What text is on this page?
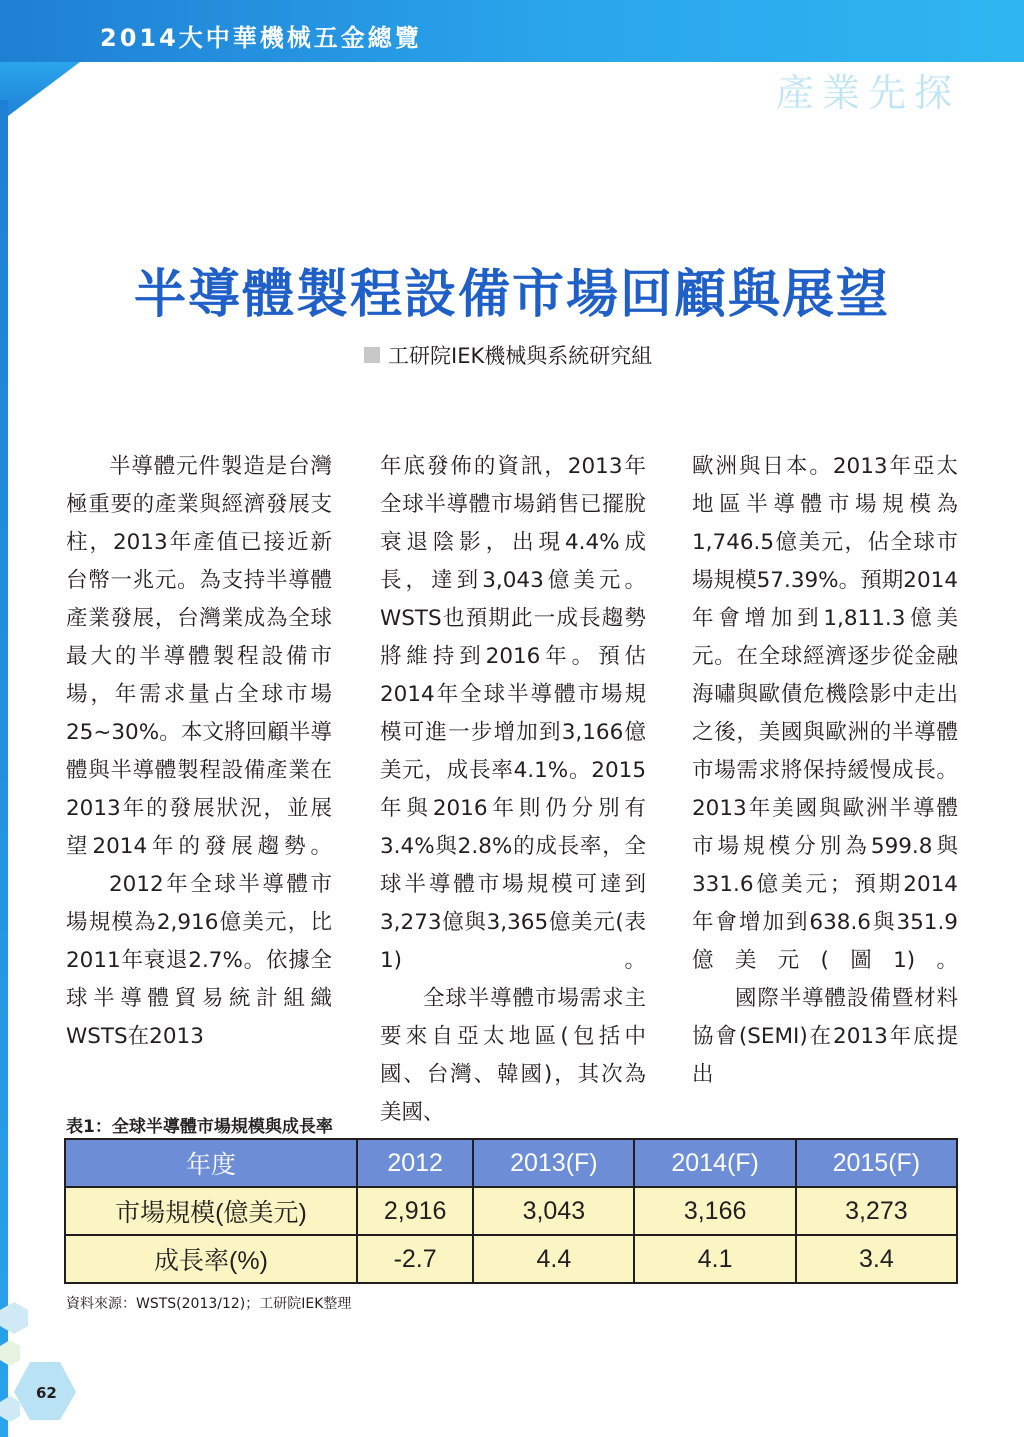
2014大中華機械五金總覽
產業先探
半導體製程設備市場回顧與展望
工研院IEK機械與系統研究組

半導體元件製造是台灣極重要的產業與經濟發展支柱，2013年產值已接近新台幣一兆元。為支持半導體產業發展，台灣業成為全球最大的半導體製程設備市場，年需求量占全球市場25~30%。本文將回顧半導體與半導體製程設備產業在2013年的發展狀況，並展望2014年的發展趨勢。

2012年全球半導體市場規模為2,916億美元，比2011年衰退2.7%。依據全球半導體貿易統計組織WSTS在2013

年底發佈的資訊，2013年全球半導體市場銷售已擺脫衰退陰影，出現4.4%成長，達到3,043億美元。WSTS也預期此一成長趨勢將維持到2016年。預估2014年全球半導體市場規模可進一步增加到3,166億美元，成長率4.1%。2015年與2016年則仍分別有3.4%與2.8%的成長率，全球半導體市場規模可達到3,273億與3,365億美元(表1)。

全球半導體市場需求主要來自亞太地區(包括中國、台灣、韓國)，其次為美國、

歐洲與日本。2013年亞太地區半導體市場規模為1,746.5億美元，佔全球市場規模57.39%。預期2014年會增加到1,811.3億美元。在全球經濟逐步從金融海嘯與歐債危機陰影中走出之後，美國與歐洲的半導體市場需求將保持緩慢成長。2013年美國與歐洲半導體市場規模分別為599.8與331.6億美元；預期2014年會增加到638.6與351.9億美元(圖1)。

國際半導體設備暨材料協會(SEMI)在2013年底提出

表1：全球半導體市場規模與成長率
年度	2012	2013(F)	2014(F)	2015(F)
市場規模(億美元)	2,916	3,043	3,166	3,273
成長率(%)	-2.7	4.4	4.1	3.4
資料來源：WSTS(2013/12)；工研院IEK整理
62
